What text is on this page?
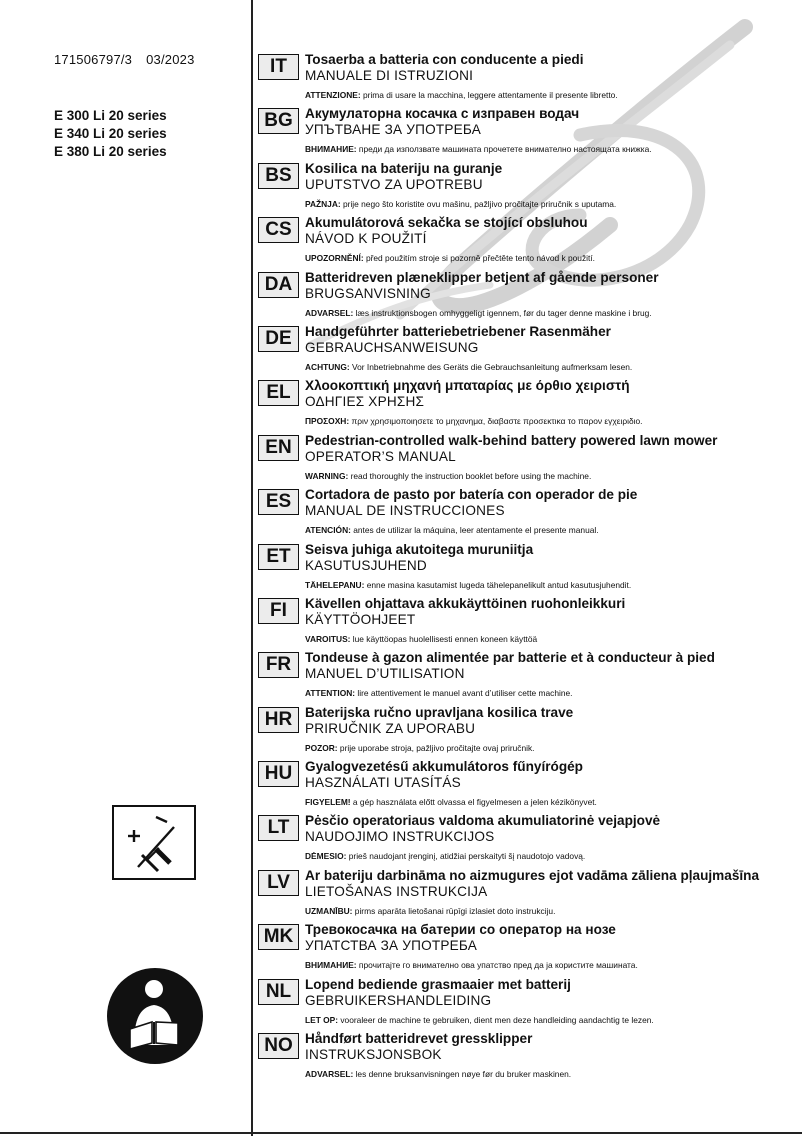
171506797/3 03/2023
E 300 Li 20 series
E 340 Li 20 series
E 380 Li 20 series
IT	Tosaerba a batteria con conducente a piedi
MANUALE DI ISTRUZIONI
ATTENZIONE: prima di usare la macchina, leggere attentamente il presente libretto.
BG Акумулаторна косачка с изправен водач
УПЪТВАНЕ ЗА УПОТРЕБА
ВНИМАНИЕ: преди да използвате машината прочетете внимателно настоящата книжка.
BS Kosilica na bateriju na guranje
UPUTSTVO ZA UPOTREBU
PAŽNJA: prije nego što koristite ovu mašinu, pažljivo pročitajte priručnik s uputama.
CS Akumulátorová sekačka se stojící obsluhou
NÁVOD K POUŽITÍ
UPOZORNĚNÍ: před použitím stroje si pozorně přečtěte tento návod k použití.
DA Batteridreven plæneklipper betjent af gående personer
BRUGSANVISNING
ADVARSEL: læs instruktionsbogen omhyggeligt igennem, før du tager denne maskine i brug.
DE Handgeführter batteriebetriebener Rasenmäher
GEBRAUCHSANWEISUNG
ACHTUNG: Vor Inbetriebnahme des Geräts die Gebrauchsanleitung aufmerksam lesen.
EL	Χλοοκοπτική μηχανή μπαταρίας με όρθιο χειριστή
ΟΔΗΓΙΕΣ ΧΡΗΣΗΣ
ΠΡΟΣΟΧΗ: πριν χρησιμοποιησετε το μηχανημα, διαβαστε προσεκτικα το παρον εγχειριδιο.
EN Pedestrian-controlled walk-behind battery powered lawn mower
OPERATOR’S MANUAL
WARNING: read thoroughly the instruction booklet before using the machine.
ES	Cortadora de pasto por batería con operador de pie
MANUAL DE INSTRUCCIONES
ATENCIÓN: antes de utilizar la máquina, leer atentamente el presente manual.
ET	Seisva juhiga akutoitega muruniitja
KASUTUSJUHEND
TÄHELEPANU: enne masina kasutamist lugeda tähelepanelikult antud kasutusjuhendit.
FI	Kävellen ohjattava akkukäyttöinen ruohonleikkuri
KÄYTTÖOHJEET
VAROITUS: lue käyttöopas huolellisesti ennen koneen käyttöä
FR	Tondeuse à gazon alimentée par batterie et à conducteur à pied
MANUEL D’UTILISATION
ATTENTION: lire attentivement le manuel avant d’utiliser cette machine.
HR Baterijska ručno upravljana kosilica trave
PRIRUČNIK ZA UPORABU
POZOR: prije uporabe stroja, pažljivo pročitajte ovaj priručnik.
HU Gyalogvezetésű akkumulátoros fűnyírógép
HASZNÁLATI UTASÍTÁS
FIGYELEM! a gép használata előtt olvassa el figyelmesen a jelen kézikönyvet.
LT	Pėsčio operatoriaus valdoma akumuliatorinė vejapjovė
NAUDOJIMO INSTRUKCIJOS
DĖMESIO: prieš naudojant įrenginį, atidžiai perskaityti šį naudotojo vadovą.
LV	Ar bateriju darbināma no aizmugures ejot vadāma zāliena pļaujmašīna
LIETOŠANAS INSTRUKCIJA
UZMANĪBU: pirms aparāta lietošanai rūpīgi izlasiet doto instrukciju.
MK Тревокосачка на батерии со оператор на нозе
УПАТСТВА ЗА УПОТРЕБА
ВНИМАНИЕ: прочитајте го внимателно ова упатство пред да ја користите машината.
NL	Lopend bediende grasmaaier met batterij
GEBRUIKERSHANDLEIDING
LET OP: vooraleer de machine te gebruiken, dient men deze handleiding aandachtig te lezen.
NO Håndført batteridrevet gressklipper
INSTRUKSJONSBOK
ADVARSEL: les denne bruksanvisningen nøye før du bruker maskinen.
